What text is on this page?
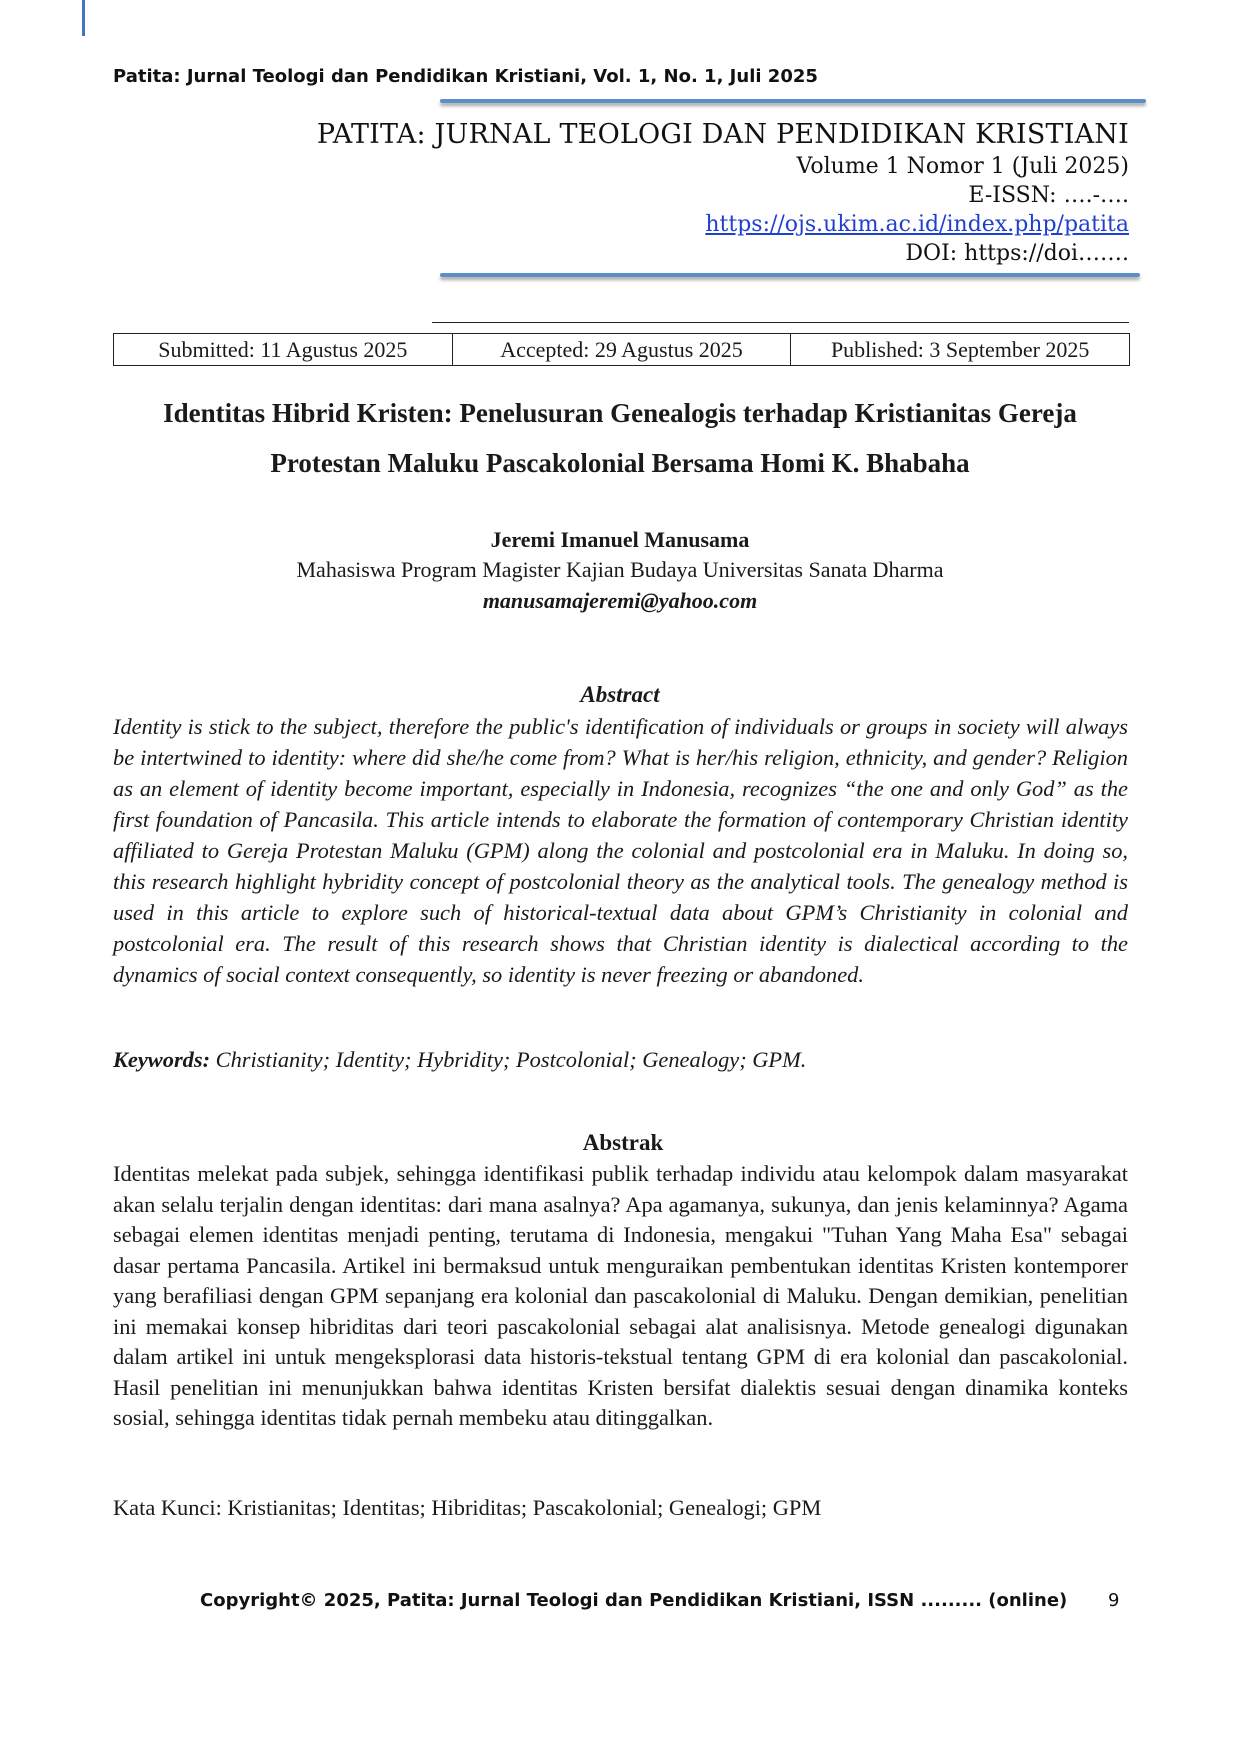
Patita: Jurnal Teologi dan Pendidikan Kristiani, Vol. 1, No. 1, Juli 2025
PATITA: JURNAL TEOLOGI DAN PENDIDIKAN KRISTIANI
Volume 1 Nomor 1 (Juli 2025)
E-ISSN: ….-….
https://ojs.ukim.ac.id/index.php/patita
DOI: https://doi…….
Submitted: 11 Agustus 2025	Accepted: 29 Agustus 2025	Published: 3 September 2025
Identitas Hibrid Kristen: Penelusuran Genealogis terhadap Kristianitas Gereja
Protestan Maluku Pascakolonial Bersama Homi K. Bhabaha
Jeremi Imanuel Manusama
Mahasiswa Program Magister Kajian Budaya Universitas Sanata Dharma
manusamajeremi@yahoo.com
Abstract

Identity is stick to the subject, therefore the public's identification of individuals or groups in society will always be intertwined to identity: where did she/he come from? What is her/his religion, ethnicity, and gender? Religion as an element of identity become important, especially in Indonesia, recognizes “the one and only God” as the first foundation of Pancasila. This article intends to elaborate the formation of contemporary Christian identity affiliated to Gereja Protestan Maluku (GPM) along the colonial and postcolonial era in Maluku. In doing so, this research highlight hybridity concept of postcolonial theory as the analytical tools. The genealogy method is used in this article to explore such of historical-textual data about GPM’s Christianity in colonial and postcolonial era. The result of this research shows that Christian identity is dialectical according to the dynamics of social context consequently, so identity is never freezing or abandoned.

Keywords: Christianity; Identity; Hybridity; Postcolonial; Genealogy; GPM.
Abstrak

Identitas melekat pada subjek, sehingga identifikasi publik terhadap individu atau kelompok dalam masyarakat akan selalu terjalin dengan identitas: dari mana asalnya? Apa agamanya, sukunya, dan jenis kelaminnya? Agama sebagai elemen identitas menjadi penting, terutama di Indonesia, mengakui "Tuhan Yang Maha Esa" sebagai dasar pertama Pancasila. Artikel ini bermaksud untuk menguraikan pembentukan identitas Kristen kontemporer yang berafiliasi dengan GPM sepanjang era kolonial dan pascakolonial di Maluku. Dengan demikian, penelitian ini memakai konsep hibriditas dari teori pascakolonial sebagai alat analisisnya. Metode genealogi digunakan dalam artikel ini untuk mengeksplorasi data historis-tekstual tentang GPM di era kolonial dan pascakolonial. Hasil penelitian ini menunjukkan bahwa identitas Kristen bersifat dialektis sesuai dengan dinamika konteks sosial, sehingga identitas tidak pernah membeku atau ditinggalkan.

Kata Kunci: Kristianitas; Identitas; Hibriditas; Pascakolonial; Genealogi; GPM
Copyright© 2025, Patita: Jurnal Teologi dan Pendidikan Kristiani, ISSN ......... (online) 9
